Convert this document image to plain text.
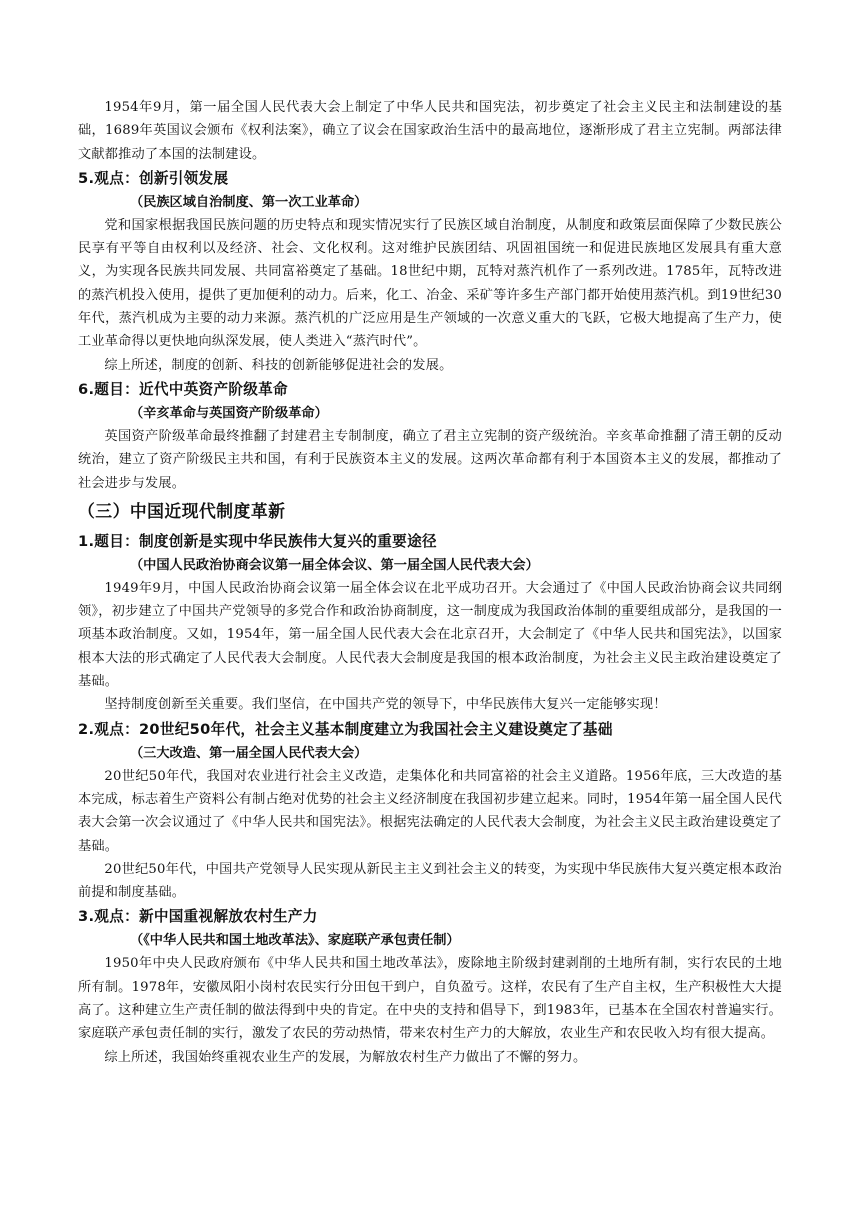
1954年9月，第一届全国人民代表大会上制定了中华人民共和国宪法，初步奠定了社会主义民主和法制建设的基础，1689年英国议会颁布《权利法案》，确立了议会在国家政治生活中的最高地位，逐渐形成了君主立宪制。两部法律文献都推动了本国的法制建设。

5.观点：创新引领发展
（民族区域自治制度、第一次工业革命）

党和国家根据我国民族问题的历史特点和现实情况实行了民族区域自治制度，从制度和政策层面保障了少数民族公民享有平等自由权利以及经济、社会、文化权利。这对维护民族团结、巩固祖国统一和促进民族地区发展具有重大意义，为实现各民族共同发展、共同富裕奠定了基础。18世纪中期，瓦特对蒸汽机作了一系列改进。1785年，瓦特改进的蒸汽机投入使用，提供了更加便利的动力。后来，化工、冶金、采矿等许多生产部门都开始使用蒸汽机。到19世纪30年代，蒸汽机成为主要的动力来源。蒸汽机的广泛应用是生产领域的一次意义重大的飞跃，它极大地提高了生产力，使工业革命得以更快地向纵深发展，使人类进入“蒸汽时代”。

综上所述，制度的创新、科技的创新能够促进社会的发展。

6.题目：近代中英资产阶级革命
（辛亥革命与英国资产阶级革命）

英国资产阶级革命最终推翻了封建君主专制制度，确立了君主立宪制的资产级统治。辛亥革命推翻了清王朝的反动统治，建立了资产阶级民主共和国，有利于民族资本主义的发展。这两次革命都有利于本国资本主义的发展，都推动了社会进步与发展。

（三）中国近现代制度革新
1.题目：制度创新是实现中华民族伟大复兴的重要途径
（中国人民政治协商会议第一届全体会议、第一届全国人民代表大会）

1949年9月，中国人民政治协商会议第一届全体会议在北平成功召开。大会通过了《中国人民政治协商会议共同纲领》，初步建立了中国共产党领导的多党合作和政治协商制度，这一制度成为我国政治体制的重要组成部分，是我国的一项基本政治制度。又如，1954年，第一届全国人民代表大会在北京召开，大会制定了《中华人民共和国宪法》，以国家根本大法的形式确定了人民代表大会制度。人民代表大会制度是我国的根本政治制度，为社会主义民主政治建设奠定了基础。

坚持制度创新至关重要。我们坚信，在中国共产党的领导下，中华民族伟大复兴一定能够实现！

2.观点：20世纪50年代，社会主义基本制度建立为我国社会主义建设奠定了基础
（三大改造、第一届全国人民代表大会）

20世纪50年代，我国对农业进行社会主义改造，走集体化和共同富裕的社会主义道路。1956年底，三大改造的基本完成，标志着生产资料公有制占绝对优势的社会主义经济制度在我国初步建立起来。同时，1954年第一届全国人民代表大会第一次会议通过了《中华人民共和国宪法》。根据宪法确定的人民代表大会制度，为社会主义民主政治建设奠定了基础。

20世纪50年代，中国共产党领导人民实现从新民主主义到社会主义的转变，为实现中华民族伟大复兴奠定根本政治前提和制度基础。

3.观点：新中国重视解放农村生产力
（《中华人民共和国土地改革法》、家庭联产承包责任制）

1950年中央人民政府颁布《中华人民共和国土地改革法》，废除地主阶级封建剥削的土地所有制，实行农民的土地所有制。1978年，安徽凤阳小岗村农民实行分田包干到户，自负盈亏。这样，农民有了生产自主权，生产积极性大大提高了。这种建立生产责任制的做法得到中央的肯定。在中央的支持和倡导下，到1983年，已基本在全国农村普遍实行。家庭联产承包责任制的实行，激发了农民的劳动热情，带来农村生产力的大解放，农业生产和农民收入均有很大提高。

综上所述，我国始终重视农业生产的发展，为解放农村生产力做出了不懈的努力。
